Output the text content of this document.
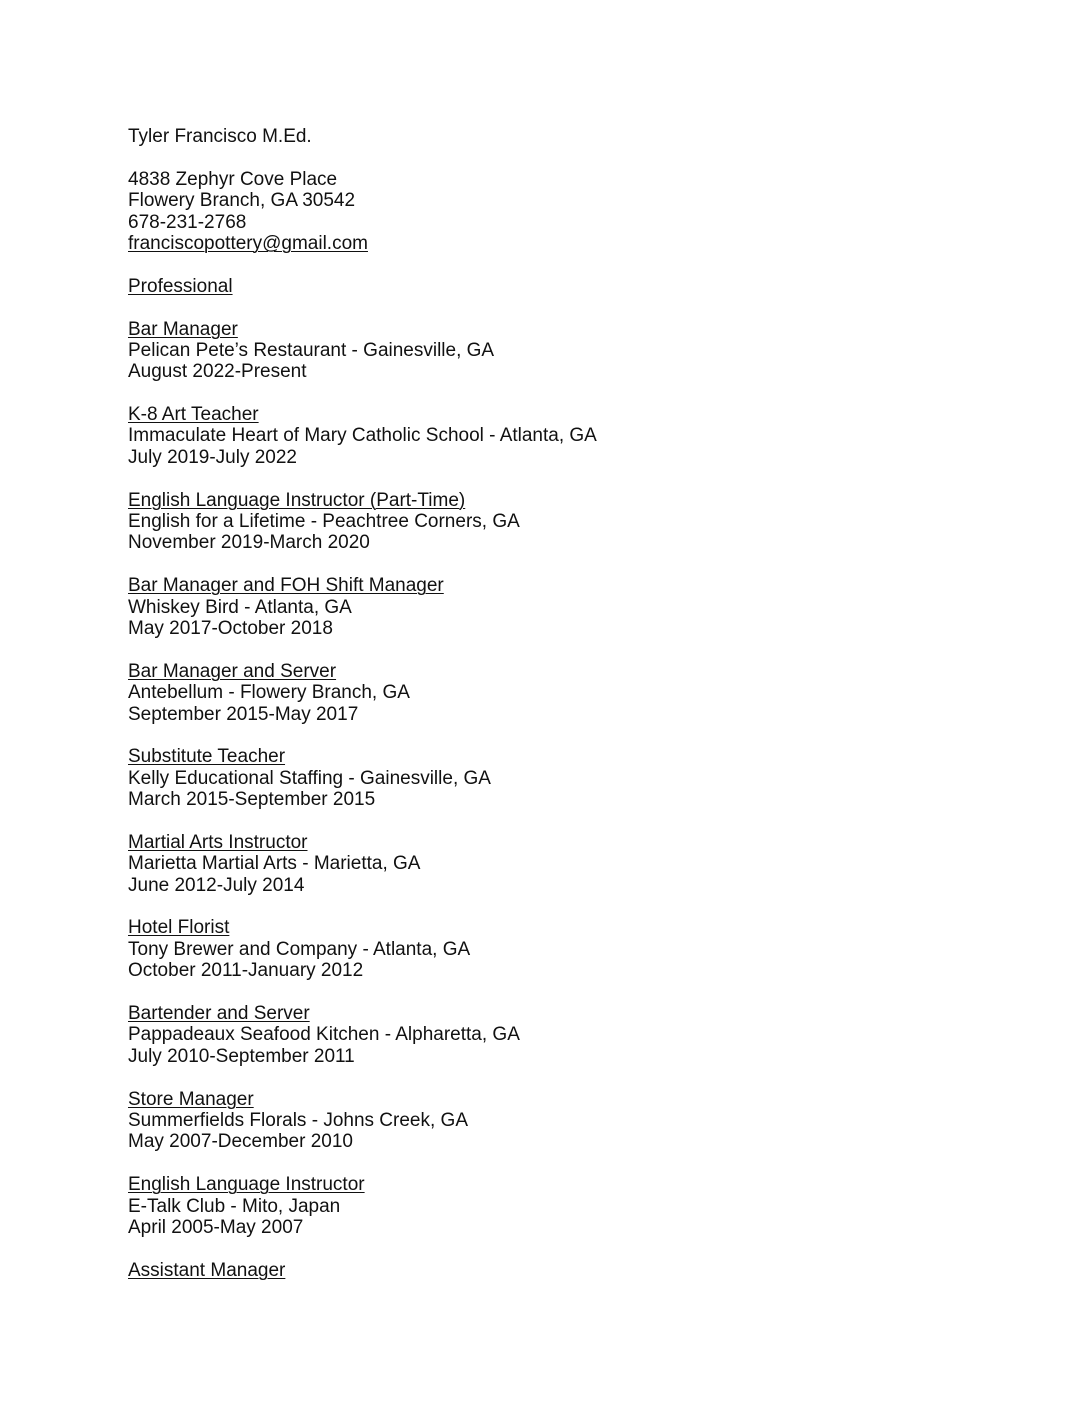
Tyler Francisco M.Ed.
4838 Zephyr Cove Place
Flowery Branch, GA 30542
678-231-2768
franciscopottery@gmail.com
Professional
Bar Manager
Pelican Pete’s Restaurant - Gainesville, GA
August 2022-Present
K-8 Art Teacher
Immaculate Heart of Mary Catholic School - Atlanta, GA
July 2019-July 2022
English Language Instructor (Part-Time)
English for a Lifetime - Peachtree Corners, GA
November 2019-March 2020
Bar Manager and FOH Shift Manager
Whiskey Bird - Atlanta, GA
May 2017-October 2018
Bar Manager and Server
Antebellum - Flowery Branch, GA
September 2015-May 2017
Substitute Teacher
Kelly Educational Staffing - Gainesville, GA
March 2015-September 2015
Martial Arts Instructor
Marietta Martial Arts - Marietta, GA
June 2012-July 2014
Hotel Florist
Tony Brewer and Company - Atlanta, GA
October 2011-January 2012
Bartender and Server
Pappadeaux Seafood Kitchen - Alpharetta, GA
July 2010-September 2011
Store Manager
Summerfields Florals - Johns Creek, GA
May 2007-December 2010
English Language Instructor
E-Talk Club - Mito, Japan
April 2005-May 2007
Assistant Manager
